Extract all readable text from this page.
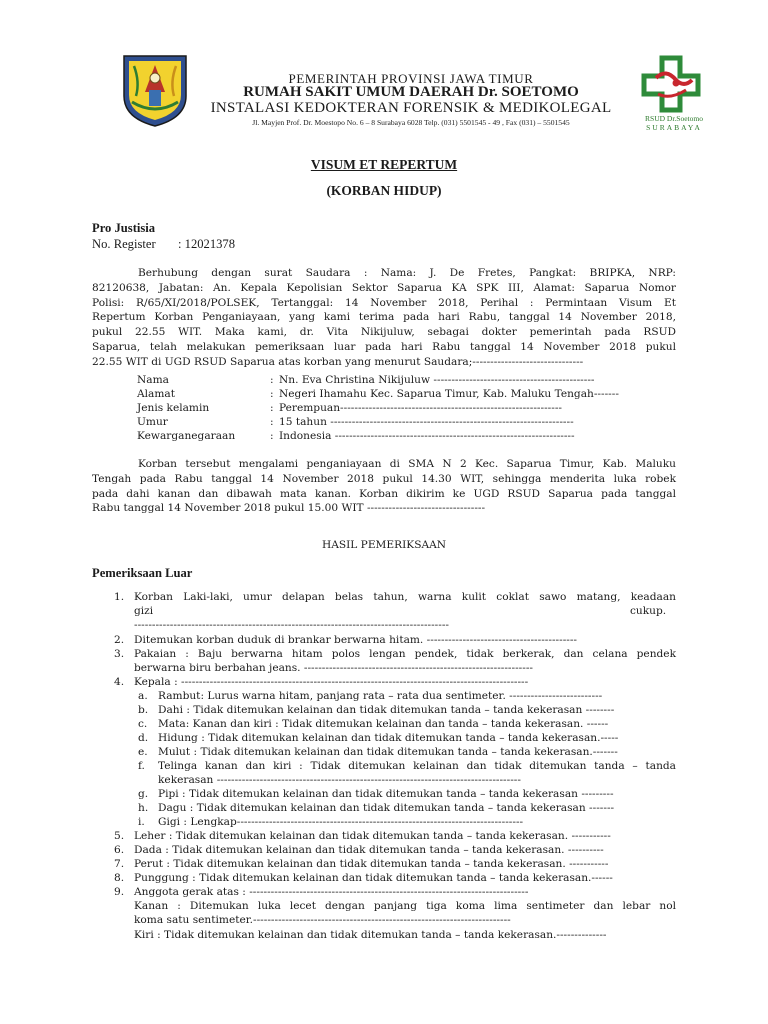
PEMERINTAH PROVINSI JAWA TIMUR
RUMAH SAKIT UMUM DAERAH Dr. SOETOMO
INSTALASI KEDOKTERAN FORENSIK & MEDIKOLEGAL
Jl. Mayjen Prof. Dr. Moestopo No. 6 – 8 Surabaya 6028 Telp. (031) 5501545 - 49 , Fax (031) – 5501545	RSUD Dr.Soetomo
SURABAYA
VISUM ET REPERTUM
(KORBAN HIDUP)
Pro Justisia
No. Register : 12021378
Berhubung dengan surat Saudara : Nama: J. De Fretes, Pangkat: BRIPKA, NRP:
82120638, Jabatan: An. Kepala Kepolisian Sektor Saparua KA SPK III, Alamat: Saparua Nomor
Polisi: R/65/XI/2018/POLSEK, Tertanggal: 14 November 2018, Perihal : Permintaan Visum Et
Repertum Korban Penganiayaan, yang kami terima pada hari Rabu, tanggal 14 November 2018,
pukul 22.55 WIT. Maka kami, dr. Vita Nikijuluw, sebagai dokter pemerintah pada RSUD
Saparua, telah melakukan pemeriksaan luar pada hari Rabu tanggal 14 November 2018 pukul
22.55 WIT di UGD RSUD Saparua atas korban yang menurut Saudara;-------------------------------
Nama	: Nn. Eva Christina Nikijuluw ---------------------------------------------
Alamat	: Negeri Ihamahu Kec. Saparua Timur, Kab. Maluku Tengah-------
Jenis kelamin	: Perempuan--------------------------------------------------------------
Umur	: 15 tahun --------------------------------------------------------------------
Kewarganegaraan	: Indonesia -------------------------------------------------------------------
Korban tersebut mengalami penganiayaan di SMA N 2 Kec. Saparua Timur, Kab. Maluku
Tengah pada Rabu tanggal 14 November 2018 pukul 14.30 WIT, sehingga menderita luka robek
pada dahi kanan dan dibawah mata kanan. Korban dikirim ke UGD RSUD Saparua pada tanggal
Rabu tanggal 14 November 2018 pukul 15.00 WIT ---------------------------------
HASIL PEMERIKSAAN
Pemeriksaan Luar
1. Korban Laki-laki, umur delapan belas tahun, warna kulit coklat sawo matang, keadaan
gizi	cukup.
----------------------------------------------------------------------------------------
2. Ditemukan korban duduk di brankar berwarna hitam. ------------------------------------------
3. Pakaian : Baju berwarna hitam polos lengan pendek, tidak berkerak, dan celana pendek
berwarna biru berbahan jeans. ----------------------------------------------------------------
4. Kepala : -------------------------------------------------------------------------------------------------
a. Rambut: Lurus warna hitam, panjang rata – rata dua sentimeter. --------------------------
b. Dahi : Tidak ditemukan kelainan dan tidak ditemukan tanda – tanda kekerasan --------
c. Mata: Kanan dan kiri : Tidak ditemukan kelainan dan tanda – tanda kekerasan. ------
d. Hidung : Tidak ditemukan kelainan dan tidak ditemukan tanda – tanda kekerasan.-----
e. Mulut : Tidak ditemukan kelainan dan tidak ditemukan tanda – tanda kekerasan.-------
f. Telinga kanan dan kiri : Tidak ditemukan kelainan dan tidak ditemukan tanda – tanda
kekerasan -------------------------------------------------------------------------------------
g. Pipi : Tidak ditemukan kelainan dan tidak ditemukan tanda – tanda kekerasan ---------
h. Dagu : Tidak ditemukan kelainan dan tidak ditemukan tanda – tanda kekerasan -------
i. Gigi : Lengkap--------------------------------------------------------------------------------
5. Leher : Tidak ditemukan kelainan dan tidak ditemukan tanda – tanda kekerasan. -----------
6. Dada : Tidak ditemukan kelainan dan tidak ditemukan tanda – tanda kekerasan. ----------
7. Perut : Tidak ditemukan kelainan dan tidak ditemukan tanda – tanda kekerasan. -----------
8. Punggung : Tidak ditemukan kelainan dan tidak ditemukan tanda – tanda kekerasan.------
9. Anggota gerak atas : ------------------------------------------------------------------------------
Kanan : Ditemukan luka lecet dengan panjang tiga koma lima sentimeter dan lebar nol
koma satu sentimeter.------------------------------------------------------------------------
Kiri : Tidak ditemukan kelainan dan tidak ditemukan tanda – tanda kekerasan.--------------
